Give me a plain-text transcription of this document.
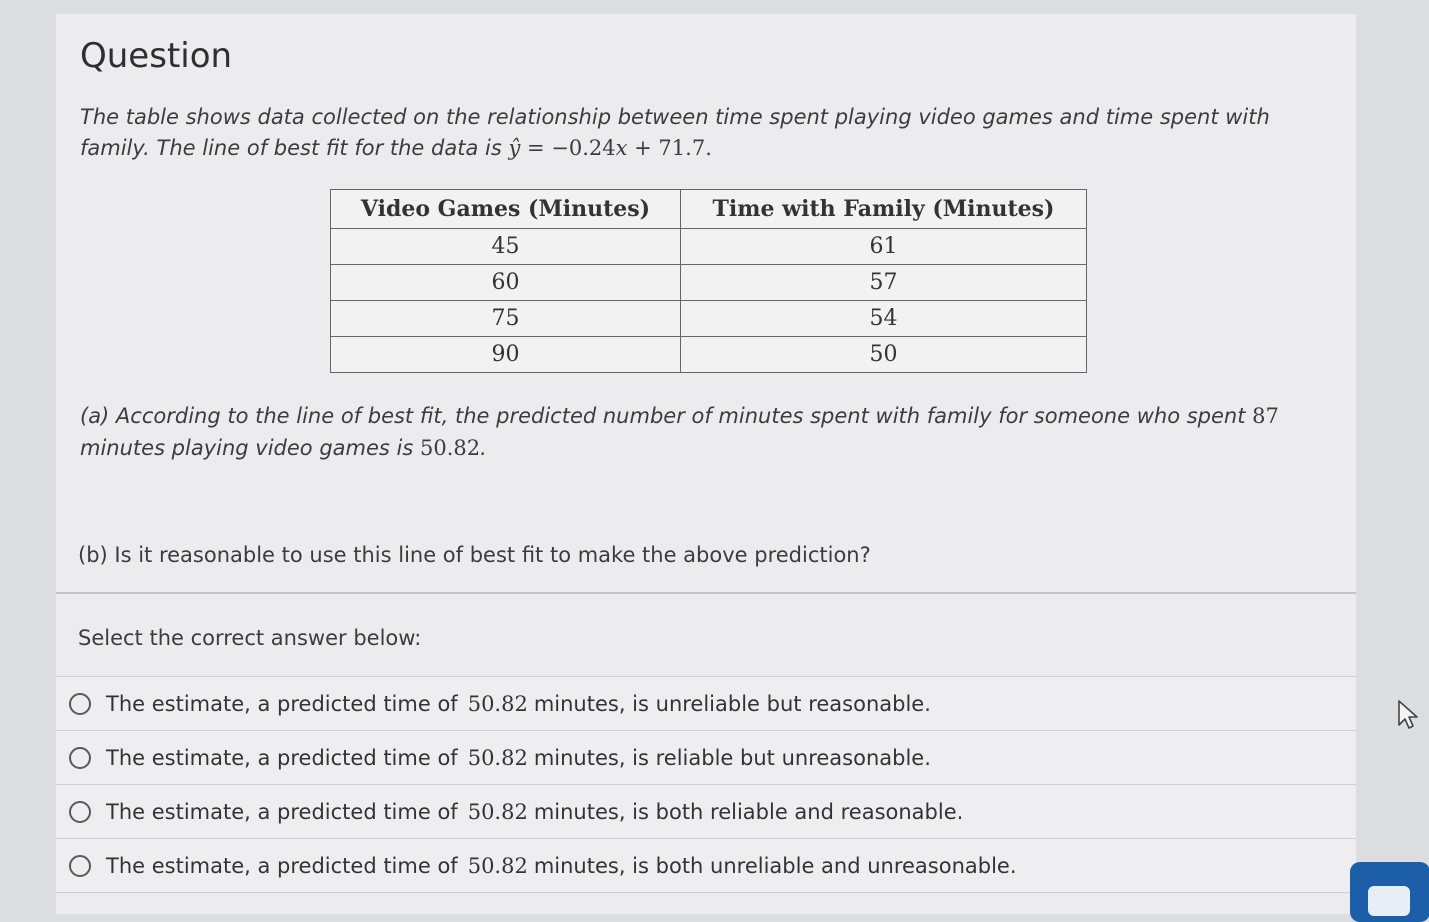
Question
The table shows data collected on the relationship between time spent playing video games and time spent with family. The line of best fit for the data is ŷ = −0.24x + 71.7.
Video Games (Minutes)	Time with Family (Minutes)
45	61
60	57
75	54
90	50
(a) According to the line of best fit, the predicted number of minutes spent with family for someone who spent 87 minutes playing video games is 50.82.
(b) Is it reasonable to use this line of best fit to make the above prediction?
Select the correct answer below:
The estimate, a predicted time of 50.82 minutes, is unreliable but reasonable.
The estimate, a predicted time of 50.82 minutes, is reliable but unreasonable.
The estimate, a predicted time of 50.82 minutes, is both reliable and reasonable.
The estimate, a predicted time of 50.82 minutes, is both unreliable and unreasonable.
